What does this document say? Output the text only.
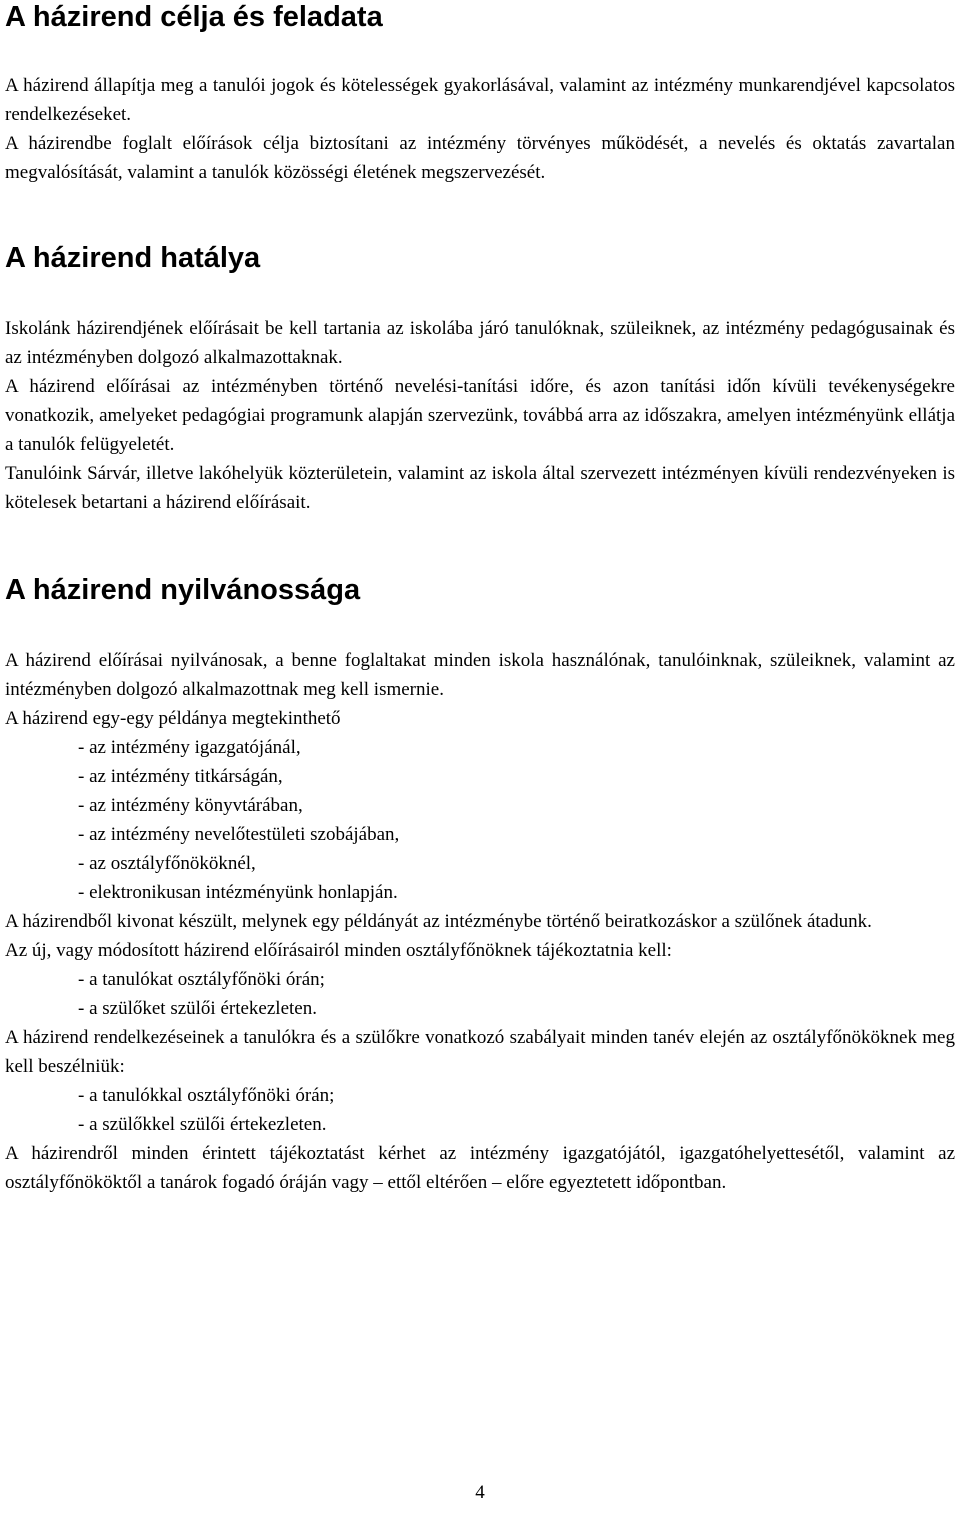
A házirend célja és feladata

A házirend állapítja meg a tanulói jogok és kötelességek gyakorlásával, valamint az intézmény munkarendjével kapcsolatos rendelkezéseket.

A házirendbe foglalt előírások célja biztosítani az intézmény törvényes működését, a nevelés és oktatás zavartalan megvalósítását, valamint a tanulók közösségi életének megszervezését.

A házirend hatálya

Iskolánk házirendjének előírásait be kell tartania az iskolába járó tanulóknak, szüleiknek, az intézmény pedagógusainak és az intézményben dolgozó alkalmazottaknak.

A házirend előírásai az intézményben történő nevelési-tanítási időre, és azon tanítási időn kívüli tevékenységekre vonatkozik, amelyeket pedagógiai programunk alapján szervezünk, továbbá arra az időszakra, amelyen intézményünk ellátja a tanulók felügyeletét.

Tanulóink Sárvár, illetve lakóhelyük közterületein, valamint az iskola által szervezett intézményen kívüli rendezvényeken is kötelesek betartani a házirend előírásait.

A házirend nyilvánossága

A házirend előírásai nyilvánosak, a benne foglaltakat minden iskola használónak, tanulóinknak, szüleiknek, valamint az intézményben dolgozó alkalmazottnak meg kell ismernie.

A házirend egy-egy példánya megtekinthető

- az intézmény igazgatójánál,
- az intézmény titkárságán,
- az intézmény könyvtárában,
- az intézmény nevelőtestületi szobájában,
- az osztályfőnököknél,
- elektronikusan intézményünk honlapján.

A házirendből kivonat készült, melynek egy példányát az intézménybe történő beiratkozáskor a szülőnek átadunk.

Az új, vagy módosított házirend előírásairól minden osztályfőnöknek tájékoztatnia kell:

- a tanulókat osztályfőnöki órán;
- a szülőket szülői értekezleten.

A házirend rendelkezéseinek a tanulókra és a szülőkre vonatkozó szabályait minden tanév elején az osztályfőnököknek meg kell beszélniük:

- a tanulókkal osztályfőnöki órán;
- a szülőkkel szülői értekezleten.

A házirendről minden érintett tájékoztatást kérhet az intézmény igazgatójától, igazgatóhelyettesétől, valamint az osztályfőnököktől a tanárok fogadó óráján vagy – ettől eltérően – előre egyeztetett időpontban.

4
